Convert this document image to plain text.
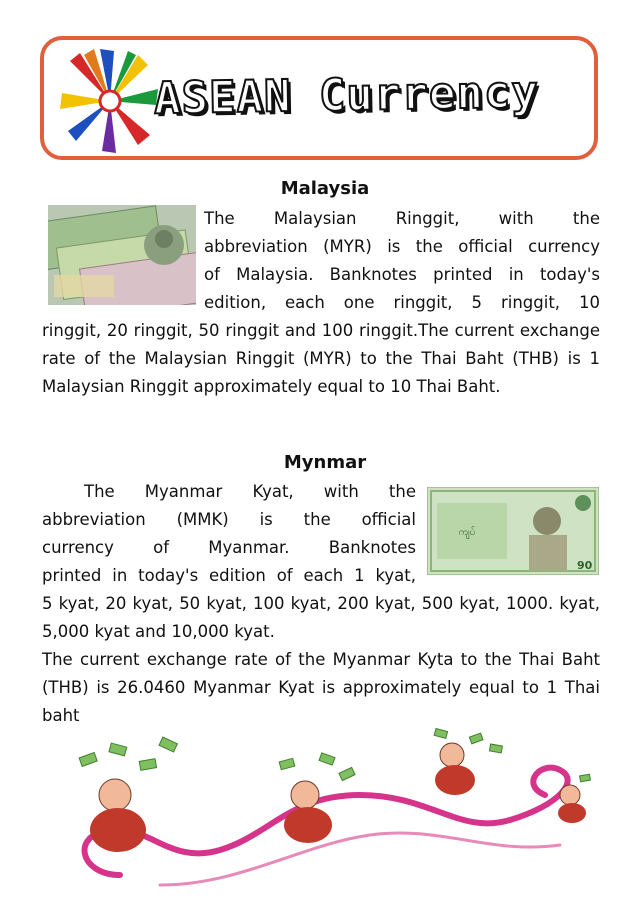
ASEAN Currency
Malaysia
The Malaysian Ringgit, with the
abbreviation (MYR) is the official currency
of Malaysia. Banknotes printed in today's
edition, each one ringgit, 5 ringgit, 10

ringgit, 20 ringgit, 50 ringgit and 100 ringgit.The current exchange rate of the Malaysian Ringgit (MYR) to the Thai Baht (THB) is 1 Malaysian Ringgit approximately equal to 10 Thai Baht.

Mynmar
The Myanmar Kyat, with the
abbreviation (MMK) is the official
currency of Myanmar. Banknotes
printed in today's edition of each 1 kyat,
ကျပ်
90

5 kyat, 20 kyat, 50 kyat, 100 kyat, 200 kyat, 500 kyat, 1000. kyat, 5,000 kyat and 10,000 kyat.

The current exchange rate of the Myanmar Kyta to the Thai Baht (THB) is 26.0460 Myanmar Kyat is approximately equal to 1 Thai baht
